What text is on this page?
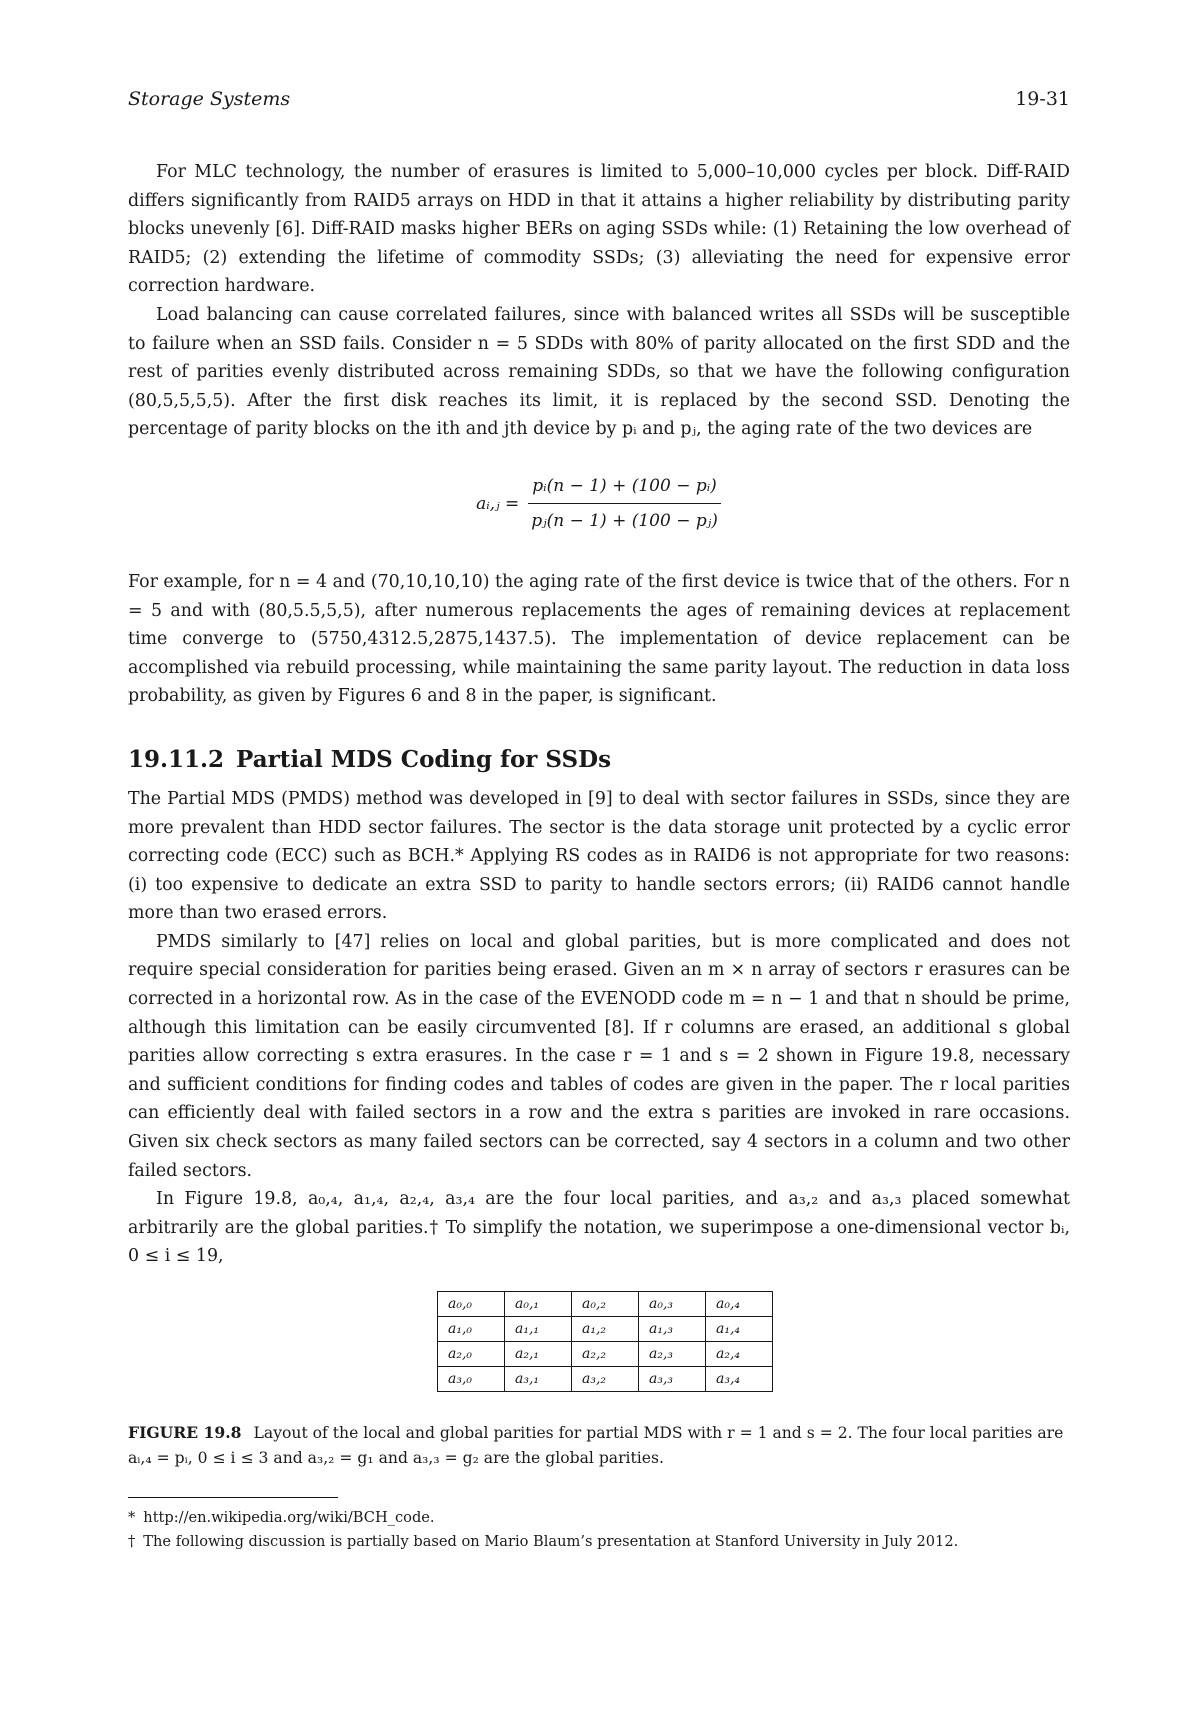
Storage Systems	19-31

For MLC technology, the number of erasures is limited to 5,000–10,000 cycles per block. Diff-RAID differs significantly from RAID5 arrays on HDD in that it attains a higher reliability by distributing parity blocks unevenly [6]. Diff-RAID masks higher BERs on aging SSDs while: (1) Retaining the low overhead of RAID5; (2) extending the lifetime of commodity SSDs; (3) alleviating the need for expensive error correction hardware.

Load balancing can cause correlated failures, since with balanced writes all SSDs will be susceptible to failure when an SSD fails. Consider n = 5 SDDs with 80% of parity allocated on the first SDD and the rest of parities evenly distributed across remaining SDDs, so that we have the following configuration (80,5,5,5,5). After the first disk reaches its limit, it is replaced by the second SSD. Denoting the percentage of parity blocks on the ith and jth device by pᵢ and pⱼ, the aging rate of the two devices are

aᵢ,ⱼ = $\frac{\text{pᵢ(n − 1) + (100 − pᵢ)}}{\text{pⱼ(n − 1) + (100 − pⱼ)}}$

For example, for n = 4 and (70,10,10,10) the aging rate of the first device is twice that of the others. For n = 5 and with (80,5.5,5,5), after numerous replacements the ages of remaining devices at replacement time converge to (5750,4312.5,2875,1437.5). The implementation of device replacement can be accomplished via rebuild processing, while maintaining the same parity layout. The reduction in data loss probability, as given by Figures 6 and 8 in the paper, is significant.

19.11.2 Partial MDS Coding for SSDs

The Partial MDS (PMDS) method was developed in [9] to deal with sector failures in SSDs, since they are more prevalent than HDD sector failures. The sector is the data storage unit protected by a cyclic error correcting code (ECC) such as BCH.* Applying RS codes as in RAID6 is not appropriate for two reasons: (i) too expensive to dedicate an extra SSD to parity to handle sectors errors; (ii) RAID6 cannot handle more than two erased errors.

PMDS similarly to [47] relies on local and global parities, but is more complicated and does not require special consideration for parities being erased. Given an m × n array of sectors r erasures can be corrected in a horizontal row. As in the case of the EVENODD code m = n − 1 and that n should be prime, although this limitation can be easily circumvented [8]. If r columns are erased, an additional s global parities allow correcting s extra erasures. In the case r = 1 and s = 2 shown in Figure 19.8, necessary and sufficient conditions for finding codes and tables of codes are given in the paper. The r local parities can efficiently deal with failed sectors in a row and the extra s parities are invoked in rare occasions. Given six check sectors as many failed sectors can be corrected, say 4 sectors in a column and two other failed sectors.

In Figure 19.8, a₀,₄, a₁,₄, a₂,₄, a₃,₄ are the four local parities, and a₃,₂ and a₃,₃ placed somewhat arbitrarily are the global parities.† To simplify the notation, we superimpose a one-dimensional vector bᵢ, 0 ≤ i ≤ 19,

a₀,₀	a₀,₁	a₀,₂	a₀,₃	a₀,₄
a₁,₀	a₁,₁	a₁,₂	a₁,₃	a₁,₄
a₂,₀	a₂,₁	a₂,₂	a₂,₃	a₂,₄
a₃,₀	a₃,₁	a₃,₂	a₃,₃	a₃,₄
FIGURE 19.8 Layout of the local and global parities for partial MDS with r = 1 and s = 2. The four local parities are aᵢ,₄ = pᵢ, 0 ≤ i ≤ 3 and a₃,₂ = g₁ and a₃,₃ = g₂ are the global parities.
* http://en.wikipedia.org/wiki/BCH_code.
† The following discussion is partially based on Mario Blaum’s presentation at Stanford University in July 2012.
